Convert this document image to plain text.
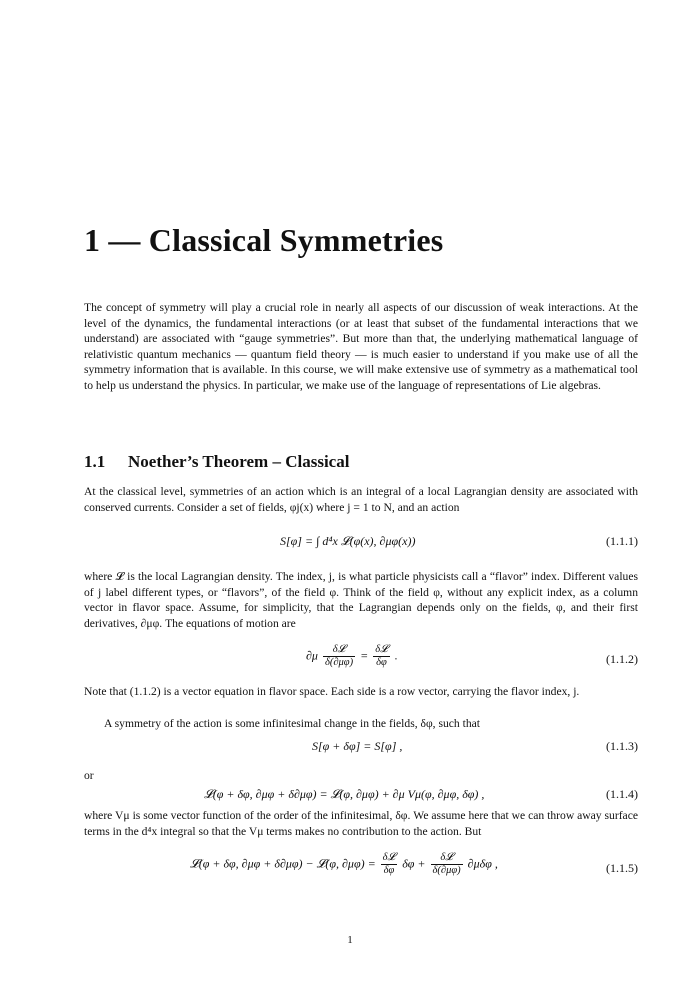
1 — Classical Symmetries

The concept of symmetry will play a crucial role in nearly all aspects of our discussion of weak interactions. At the level of the dynamics, the fundamental interactions (or at least that subset of the fundamental interactions that we understand) are associated with “gauge symmetries”. But more than that, the underlying mathematical language of relativistic quantum mechanics — quantum field theory — is much easier to understand if you make use of all the symmetry information that is available. In this course, we will make extensive use of symmetry as a mathematical tool to help us understand the physics. In particular, we make use of the language of representations of Lie algebras.

1.1 Noether’s Theorem – Classical

At the classical level, symmetries of an action which is an integral of a local Lagrangian density are associated with conserved currents. Consider a set of fields, φj(x) where j = 1 to N, and an action

S[φ] = ∫ d⁴x 𝓛(φ(x), ∂μφ(x))	(1.1.1)

where 𝓛 is the local Lagrangian density. The index, j, is what particle physicists call a “flavor” index. Different values of j label different types, or “flavors”, of the field φ. Think of the field φ, without any explicit index, as a column vector in flavor space. Assume, for simplicity, that the Lagrangian depends only on the fields, φ, and their first derivatives, ∂μφ. The equations of motion are

$\partial\mu \frac{\text{δ𝓛}}{\delta(\partial\mu\varphi)} = \frac{\text{δ𝓛}}{\delta\varphi}$ .	(1.1.2)

Note that (1.1.2) is a vector equation in flavor space. Each side is a row vector, carrying the flavor index, j.

A symmetry of the action is some infinitesimal change in the fields, δφ, such that

S[φ + δφ] = S[φ] ,	(1.1.3)

or

𝓛(φ + δφ, ∂μφ + δ∂μφ) = 𝓛(φ, ∂μφ) + ∂μ Vμ(φ, ∂μφ, δφ) ,	(1.1.4)

where Vμ is some vector function of the order of the infinitesimal, δφ. We assume here that we can throw away surface terms in the d⁴x integral so that the Vμ terms makes no contribution to the action. But

𝓛(φ + δφ, ∂μφ + δ∂μφ) − 𝓛(φ, $\partial\mu\varphi) = \frac{\text{δ𝓛}}{\delta\varphi}$ $\delta\varphi + \frac{\text{δ𝓛}}{\delta(\partial\mu\varphi)} \partial\mu\delta\varphi$ ,	(1.1.5)
1
